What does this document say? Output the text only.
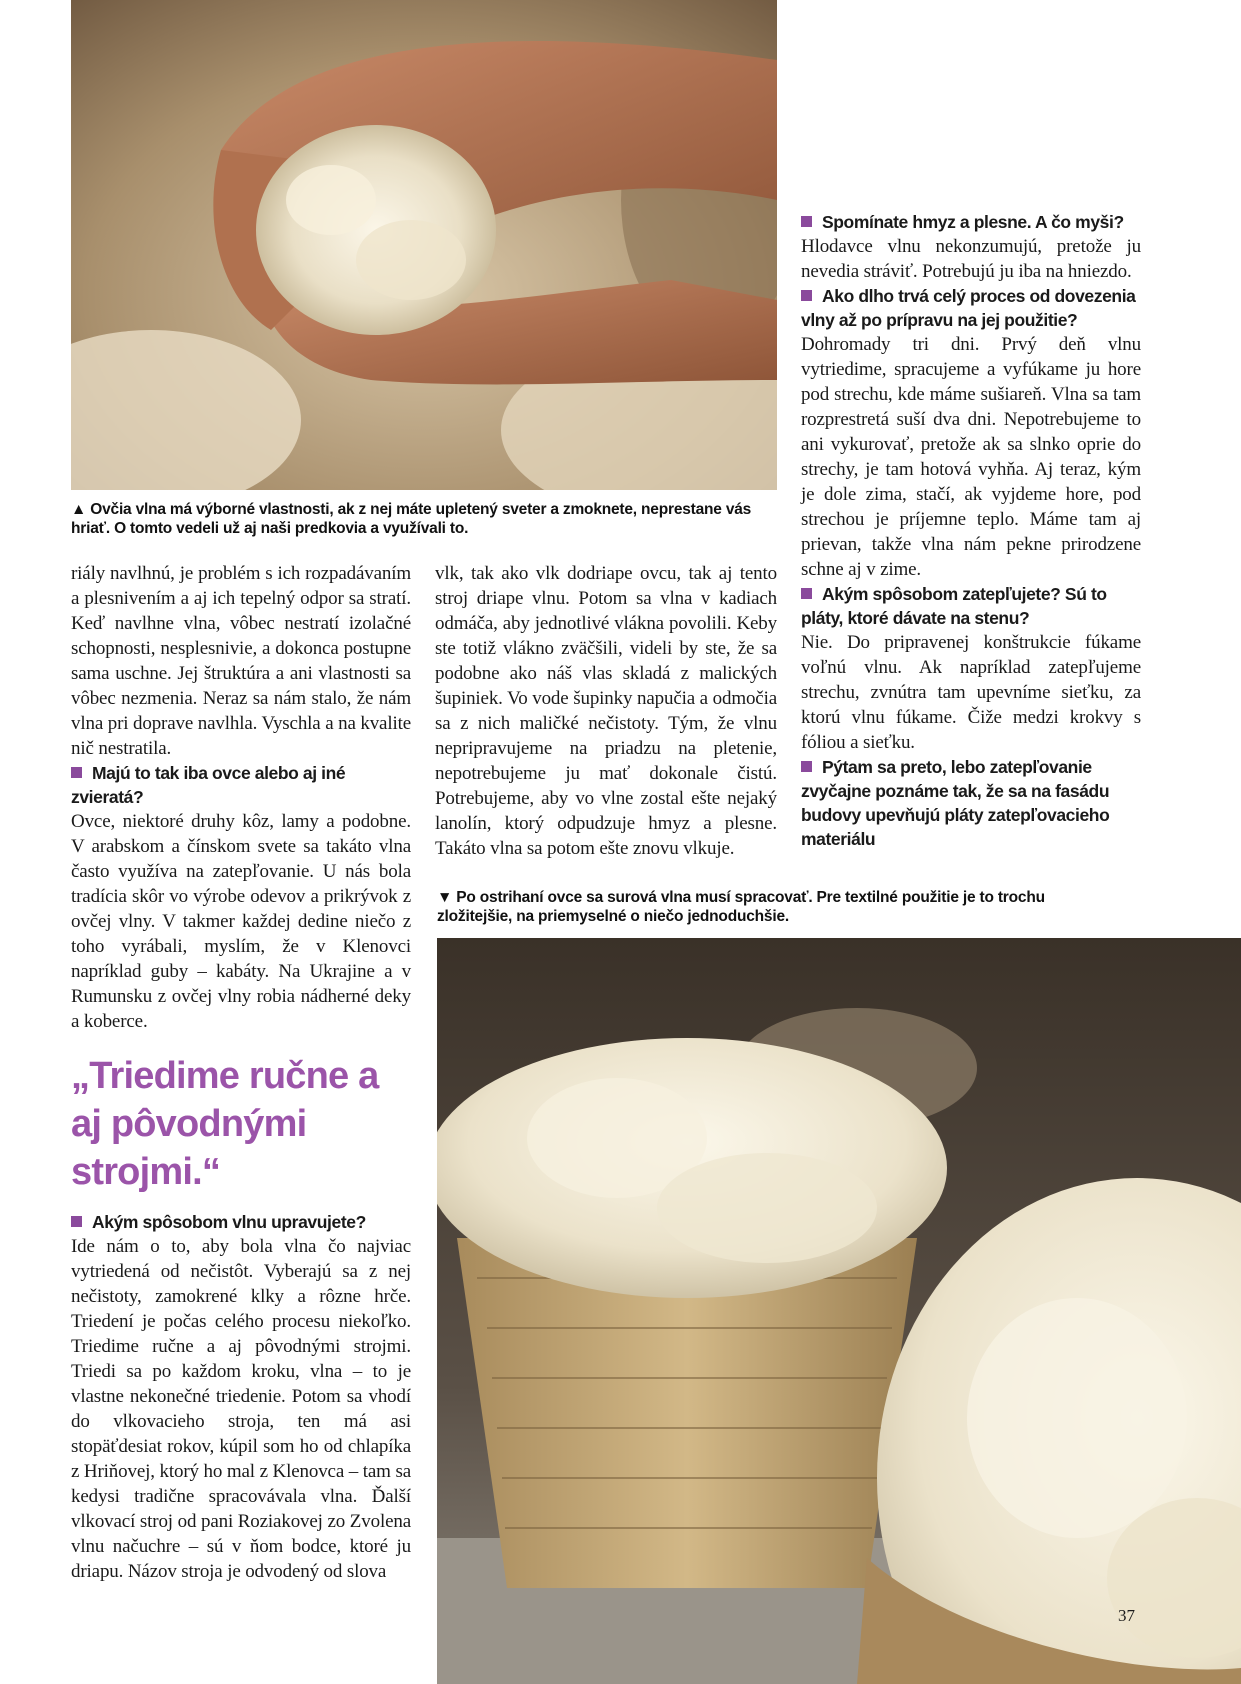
▲ Ovčia vlna má výborné vlastnosti, ak z nej máte upletený sveter a zmoknete, neprestane vás hriať. O tomto vedeli už aj naši predkovia a využívali to.

riály navlhnú, je problém s ich rozpadávaním a plesnivením a aj ich tepelný odpor sa stratí. Keď navlhne vlna, vôbec nestratí izolačné schopnosti, nesplesnivie, a dokonca postupne sama uschne. Jej štruktúra a ani vlastnosti sa vôbec nezmenia. Neraz sa nám stalo, že nám vlna pri doprave navlhla. Vyschla a na kvalite nič nestratila.

Majú to tak iba ovce alebo aj iné zvieratá?

Ovce, niektoré druhy kôz, lamy a podobne. V arabskom a čínskom svete sa takáto vlna často využíva na zatepľovanie. U nás bola tradícia skôr vo výrobe odevov a prikrývok z ovčej vlny. V takmer každej dedine niečo z toho vyrábali, myslím, že v Klenovci napríklad guby – kabáty. Na Ukrajine a v Rumunsku z ovčej vlny robia nádherné deky a koberce.

„Triedime ručne a aj pôvodnými strojmi.“

Akým spôsobom vlnu upravujete?

Ide nám o to, aby bola vlna čo najviac vytriedená od nečistôt. Vyberajú sa z nej nečistoty, zamokrené klky a rôzne hrče. Triedení je počas celého procesu niekoľko. Triedime ručne a aj pôvodnými strojmi. Triedi sa po každom kroku, vlna – to je vlastne nekonečné triedenie. Potom sa vhodí do vlkovacieho stroja, ten má asi stopäťdesiat rokov, kúpil som ho od chlapíka z Hriňovej, ktorý ho mal z Klenovca – tam sa kedysi tradične spracovávala vlna. Ďalší vlkovací stroj od pani Roziakovej zo Zvolena vlnu načuchre – sú v ňom bodce, ktoré ju driapu. Názov stroja je odvodený od slova

vlk, tak ako vlk dodriape ovcu, tak aj tento stroj driape vlnu. Potom sa vlna v kadiach odmáča, aby jednotlivé vlákna povolili. Keby ste totiž vlákno zväčšili, videli by ste, že sa podobne ako náš vlas skladá z malických šupiniek. Vo vode šupinky napučia a odmočia sa z nich maličké nečistoty. Tým, že vlnu nepripravujeme na priadzu na pletenie, nepotrebujeme ju mať dokonale čistú. Potrebujeme, aby vo vlne zostal ešte nejaký lanolín, ktorý odpudzuje hmyz a plesne. Takáto vlna sa potom ešte znovu vlkuje.

Spomínate hmyz a plesne. A čo myši?

Hlodavce vlnu nekonzumujú, pretože ju nevedia stráviť. Potrebujú ju iba na hniezdo.

Ako dlho trvá celý proces od dovezenia vlny až po prípravu na jej použitie?

Dohromady tri dni. Prvý deň vlnu vytriedime, spracujeme a vyfúkame ju hore pod strechu, kde máme sušiareň. Vlna sa tam rozprestretá suší dva dni. Nepotrebujeme to ani vykurovať, pretože ak sa slnko oprie do strechy, je tam hotová vyhňa. Aj teraz, kým je dole zima, stačí, ak vyjdeme hore, pod strechou je príjemne teplo. Máme tam aj prievan, takže vlna nám pekne prirodzene schne aj v zime.

Akým spôsobom zatepľujete? Sú to pláty, ktoré dávate na stenu?

Nie. Do pripravenej konštrukcie fúkame voľnú vlnu. Ak napríklad zatepľujeme strechu, zvnútra tam upevníme sieťku, za ktorú vlnu fúkame. Čiže medzi krokvy s fóliou a sieťku.

Pýtam sa preto, lebo zatepľovanie zvyčajne poznáme tak, že sa na fasádu budovy upevňujú pláty zatepľovacieho materiálu

▼ Po ostrihaní ovce sa surová vlna musí spracovať. Pre textilné použitie je to trochu zložitejšie, na priemyselné o niečo jednoduchšie.
37
